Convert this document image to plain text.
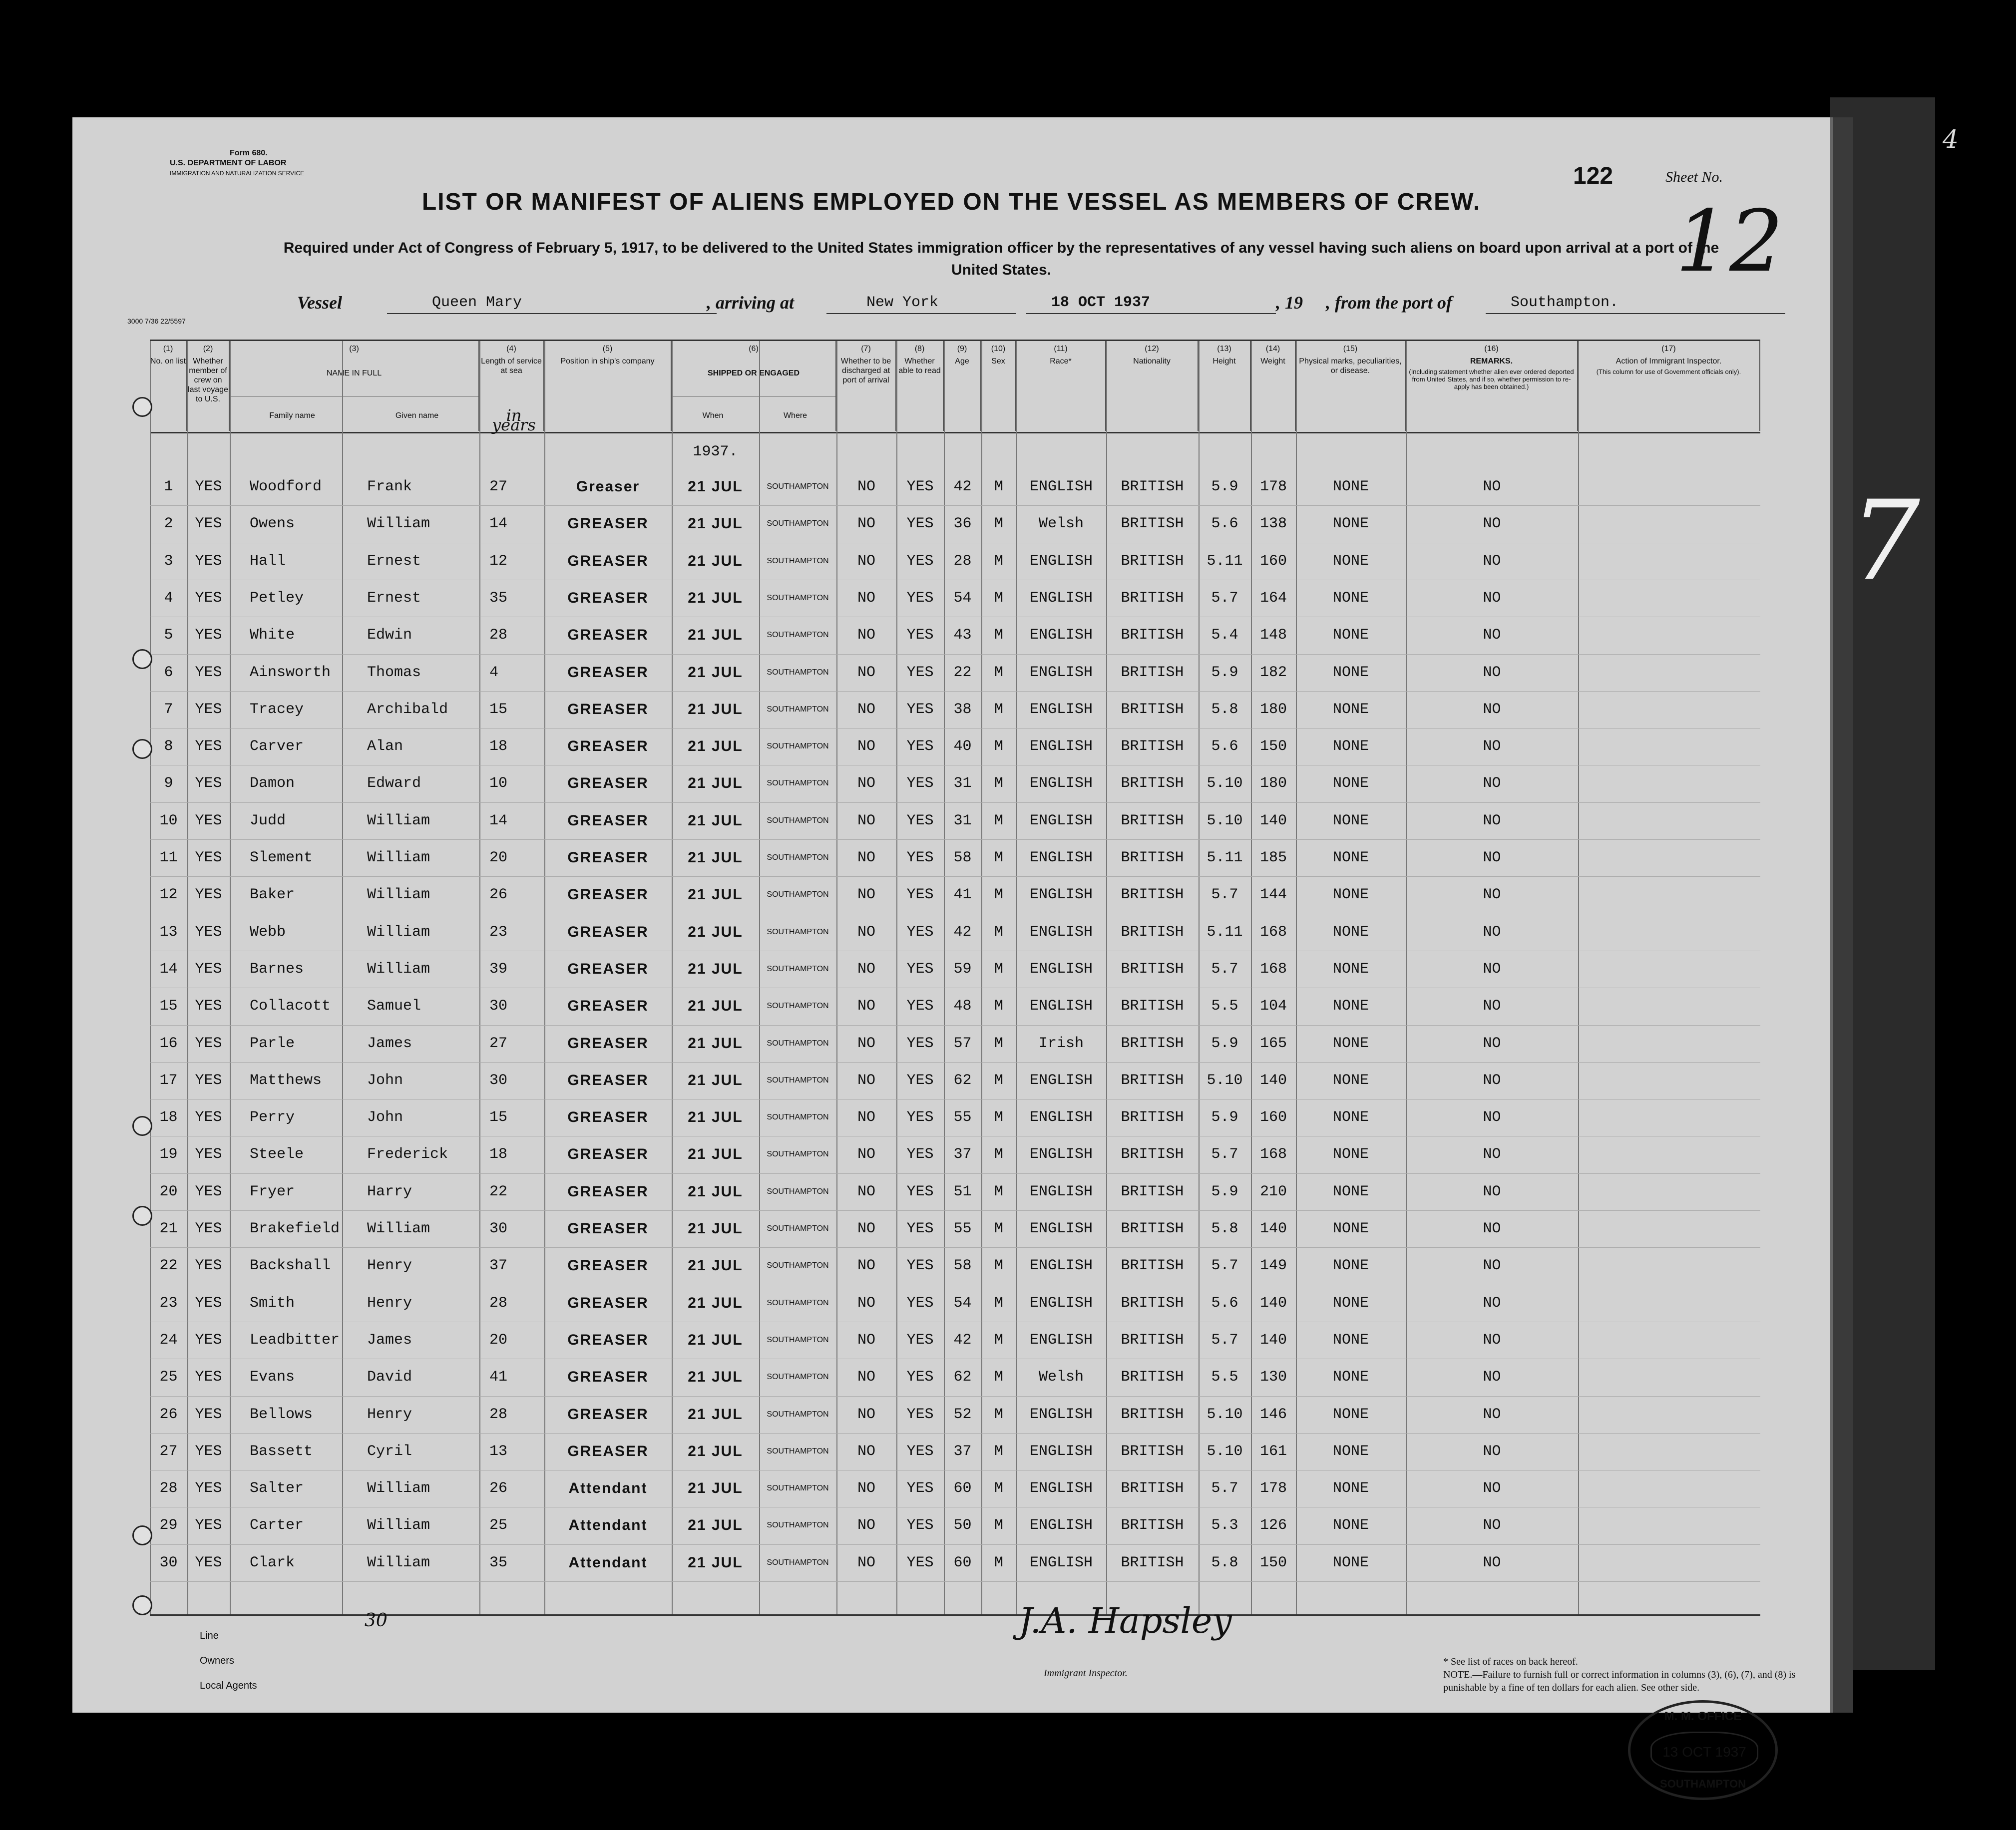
Form 680.
U.S. DEPARTMENT OF LABOR
IMMIGRATION AND NATURALIZATION SERVICE	122	Sheet No.
12
LIST OR MANIFEST OF ALIENS EMPLOYED ON THE VESSEL AS MEMBERS OF CREW.
Required under Act of Congress of February 5, 1917, to be delivered to the United States immigration officer by the representatives of any vessel having such aliens on board upon arrival at a port of the United States.
3000 7/36 22/5597
Vessel	Queen Mary	, arriving at	New York	18 OCT 1937	, 19 , from the port of	Southampton.
(1)
No. on list
(2)
Whether member of crew on last voyage to U.S.
(3)
NAME IN FULL
Family name	Given name
(4)
Length of service at sea
in years
(5)
Position in ship's company
(6)
SHIPPED OR ENGAGED
When	Where
(7)
Whether to be discharged at port of arrival
(8)
Whether able to read
(9)
Age
(10)
Sex
(11)
Race*
(12)
Nationality
(13)
Height
(14)
Weight
(15)
Physical marks, peculiarities, or disease.
(16)
REMARKS.
(Including statement whether alien ever ordered deported from United States, and if so, whether permission to re-apply has been obtained.)
(17)
Action of Immigrant Inspector.
(This column for use of Government officials only).
1937.
1	YES	Woodford	Frank	27	Greaser	21 JUL	SOUTHAMPTON	NO	YES	42	M	ENGLISH	BRITISH	5.9	178	NONE	NO
2	YES	Owens	William	14	GREASER	21 JUL	SOUTHAMPTON	NO	YES	36	M	Welsh	BRITISH	5.6	138	NONE	NO
3	YES	Hall	Ernest	12	GREASER	21 JUL	SOUTHAMPTON	NO	YES	28	M	ENGLISH	BRITISH	5.11	160	NONE	NO
4	YES	Petley	Ernest	35	GREASER	21 JUL	SOUTHAMPTON	NO	YES	54	M	ENGLISH	BRITISH	5.7	164	NONE	NO
5	YES	White	Edwin	28	GREASER	21 JUL	SOUTHAMPTON	NO	YES	43	M	ENGLISH	BRITISH	5.4	148	NONE	NO
6	YES	Ainsworth	Thomas	4	GREASER	21 JUL	SOUTHAMPTON	NO	YES	22	M	ENGLISH	BRITISH	5.9	182	NONE	NO
7	YES	Tracey	Archibald	15	GREASER	21 JUL	SOUTHAMPTON	NO	YES	38	M	ENGLISH	BRITISH	5.8	180	NONE	NO
8	YES	Carver	Alan	18	GREASER	21 JUL	SOUTHAMPTON	NO	YES	40	M	ENGLISH	BRITISH	5.6	150	NONE	NO
9	YES	Damon	Edward	10	GREASER	21 JUL	SOUTHAMPTON	NO	YES	31	M	ENGLISH	BRITISH	5.10	180	NONE	NO
10	YES	Judd	William	14	GREASER	21 JUL	SOUTHAMPTON	NO	YES	31	M	ENGLISH	BRITISH	5.10	140	NONE	NO
11	YES	Slement	William	20	GREASER	21 JUL	SOUTHAMPTON	NO	YES	58	M	ENGLISH	BRITISH	5.11	185	NONE	NO
12	YES	Baker	William	26	GREASER	21 JUL	SOUTHAMPTON	NO	YES	41	M	ENGLISH	BRITISH	5.7	144	NONE	NO
13	YES	Webb	William	23	GREASER	21 JUL	SOUTHAMPTON	NO	YES	42	M	ENGLISH	BRITISH	5.11	168	NONE	NO
14	YES	Barnes	William	39	GREASER	21 JUL	SOUTHAMPTON	NO	YES	59	M	ENGLISH	BRITISH	5.7	168	NONE	NO
15	YES	Collacott	Samuel	30	GREASER	21 JUL	SOUTHAMPTON	NO	YES	48	M	ENGLISH	BRITISH	5.5	104	NONE	NO
16	YES	Parle	James	27	GREASER	21 JUL	SOUTHAMPTON	NO	YES	57	M	Irish	BRITISH	5.9	165	NONE	NO
17	YES	Matthews	John	30	GREASER	21 JUL	SOUTHAMPTON	NO	YES	62	M	ENGLISH	BRITISH	5.10	140	NONE	NO
18	YES	Perry	John	15	GREASER	21 JUL	SOUTHAMPTON	NO	YES	55	M	ENGLISH	BRITISH	5.9	160	NONE	NO
19	YES	Steele	Frederick	18	GREASER	21 JUL	SOUTHAMPTON	NO	YES	37	M	ENGLISH	BRITISH	5.7	168	NONE	NO
20	YES	Fryer	Harry	22	GREASER	21 JUL	SOUTHAMPTON	NO	YES	51	M	ENGLISH	BRITISH	5.9	210	NONE	NO
21	YES	Brakefield	William	30	GREASER	21 JUL	SOUTHAMPTON	NO	YES	55	M	ENGLISH	BRITISH	5.8	140	NONE	NO
22	YES	Backshall	Henry	37	GREASER	21 JUL	SOUTHAMPTON	NO	YES	58	M	ENGLISH	BRITISH	5.7	149	NONE	NO
23	YES	Smith	Henry	28	GREASER	21 JUL	SOUTHAMPTON	NO	YES	54	M	ENGLISH	BRITISH	5.6	140	NONE	NO
24	YES	Leadbitter	James	20	GREASER	21 JUL	SOUTHAMPTON	NO	YES	42	M	ENGLISH	BRITISH	5.7	140	NONE	NO
25	YES	Evans	David	41	GREASER	21 JUL	SOUTHAMPTON	NO	YES	62	M	Welsh	BRITISH	5.5	130	NONE	NO
26	YES	Bellows	Henry	28	GREASER	21 JUL	SOUTHAMPTON	NO	YES	52	M	ENGLISH	BRITISH	5.10	146	NONE	NO
27	YES	Bassett	Cyril	13	GREASER	21 JUL	SOUTHAMPTON	NO	YES	37	M	ENGLISH	BRITISH	5.10	161	NONE	NO
28	YES	Salter	William	26	Attendant	21 JUL	SOUTHAMPTON	NO	YES	60	M	ENGLISH	BRITISH	5.7	178	NONE	NO
29	YES	Carter	William	25	Attendant	21 JUL	SOUTHAMPTON	NO	YES	50	M	ENGLISH	BRITISH	5.3	126	NONE	NO
30	YES	Clark	William	35	Attendant	21 JUL	SOUTHAMPTON	NO	YES	60	M	ENGLISH	BRITISH	5.8	150	NONE	NO
Line
30
Owners
Local Agents
J.A. Hapsley
Immigrant Inspector.
* See list of races on back hereof.
NOTE.—Failure to furnish full or correct information in columns (3), (6), (7), and (8) is punishable by a fine of ten dollars for each alien. See other side.
M. M. OFFICE
13 OCT 1937
SOUTHAMPTON
7
4
